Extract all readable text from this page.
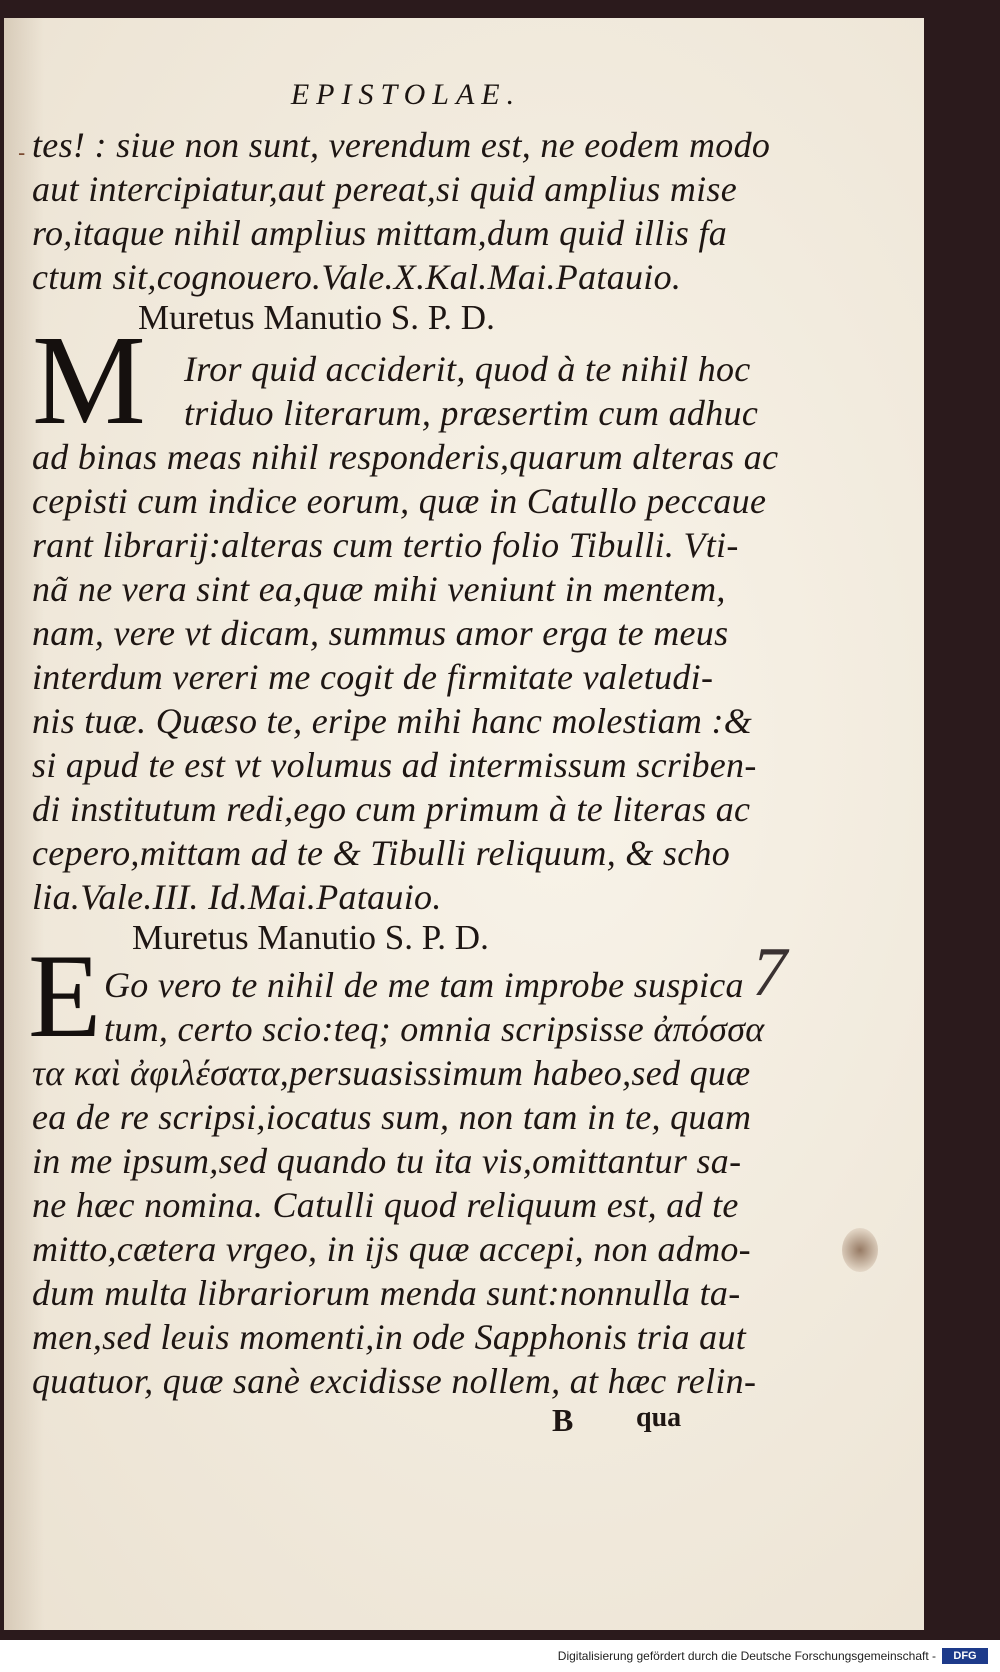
EPISTOLAE.
- tes! : siue non sunt, verendum est, ne eodem modo
aut intercipiatur,aut pereat,si quid amplius mise
ro,itaque nihil amplius mittam,dum quid illis fa
ctum sit,cognouero.Vale.X.Kal.Mai.Patauio.
Muretus Manutio S. P. D.
M Iror quid acciderit, quod à te nihil hoc
triduo literarum, præsertim cum adhuc
ad binas meas nihil responderis,quarum alteras ac
cepisti cum indice eorum, quæ in Catullo peccaue
rant librarij:alteras cum tertio folio Tibulli. Vti-
nã ne vera sint ea,quæ mihi veniunt in mentem,
nam, vere vt dicam, summus amor erga te meus
interdum vereri me cogit de firmitate valetudi-
nis tuæ. Quæso te, eripe mihi hanc molestiam :&
si apud te est vt volumus ad intermissum scriben-
di institutum redi,ego cum primum à te literas ac
cepero,mittam ad te & Tibulli reliquum, & scho
lia.Vale.III. Id.Mai.Patauio.
Muretus Manutio S. P. D.
E Go vero te nihil de me tam improbe suspica
tum, certo scio:teq; omnia scripsisse ἀπόσσα
τα καὶ ἀφιλέσατα,persuasissimum habeo,sed quæ
ea de re scripsi,iocatus sum, non tam in te, quam
in me ipsum,sed quando tu ita vis,omittantur sa-
ne hæc nomina. Catulli quod reliquum est, ad te
mitto,cætera vrgeo, in ijs quæ accepi, non admo-
dum multa librariorum menda sunt:nonnulla ta-
men,sed leuis momenti,in ode Sapphonis tria aut
quatuor, quæ sanè excidisse nollem, at hæc relin-
B qua
7
Digitalisierung gefördert durch die Deutsche Forschungsgemeinschaft -	DFG
